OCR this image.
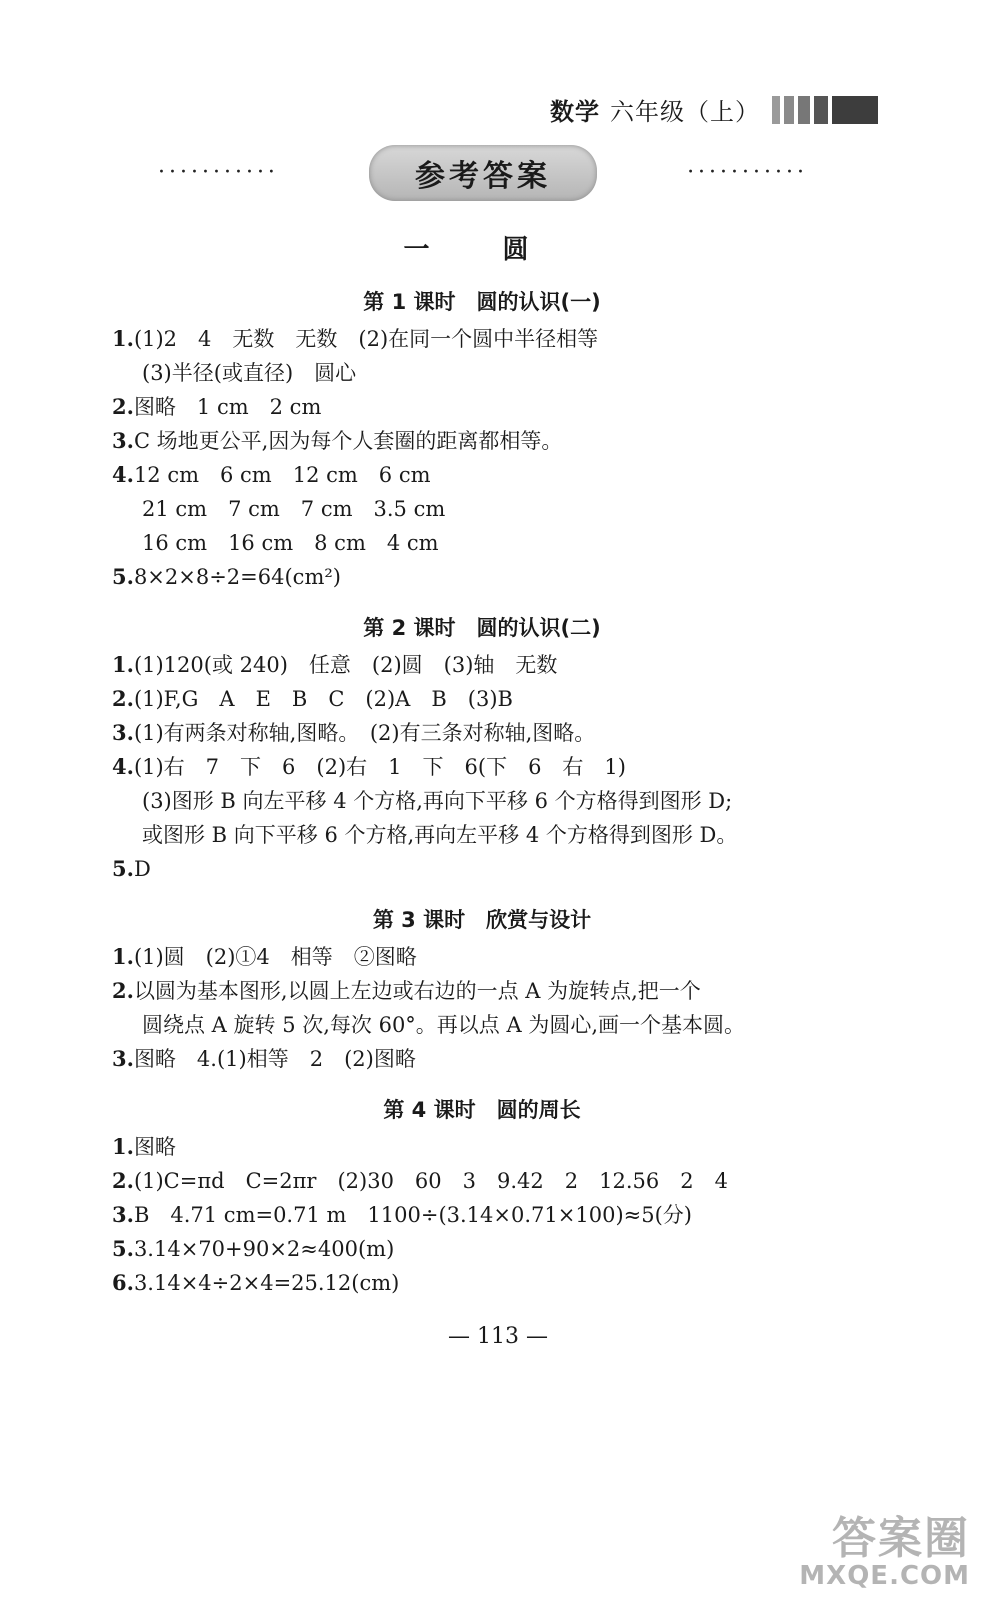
数学 六年级（上）
···········	参考答案	···········
一 圆
第 1 课时　圆的认识(一)
1.(1)2　4　无数　无数　(2)在同一个圆中半径相等
(3)半径(或直径)　圆心
2.图略　1 cm　2 cm
3.C 场地更公平,因为每个人套圈的距离都相等。
4.12 cm　6 cm　12 cm　6 cm
21 cm　7 cm　7 cm　3.5 cm
16 cm　16 cm　8 cm　4 cm
5.8×2×8÷2=64(cm²)
第 2 课时　圆的认识(二)
1.(1)120(或 240)　任意　(2)圆　(3)轴　无数
2.(1)F,G　A　E　B　C　(2)A　B　(3)B
3.(1)有两条对称轴,图略。　(2)有三条对称轴,图略。
4.(1)右　7　下　6　(2)右　1　下　6(下　6　右　1)
(3)图形 B 向左平移 4 个方格,再向下平移 6 个方格得到图形 D;
或图形 B 向下平移 6 个方格,再向左平移 4 个方格得到图形 D。
5.D
第 3 课时　欣赏与设计
1.(1)圆　(2)①4　相等　②图略
2.以圆为基本图形,以圆上左边或右边的一点 A 为旋转点,把一个
圆绕点 A 旋转 5 次,每次 60°。再以点 A 为圆心,画一个基本圆。
3.图略　4.(1)相等　2　(2)图略
第 4 课时　圆的周长
1.图略
2.(1)C=πd　C=2πr　(2)30　60　3　9.42　2　12.56　2　4
3.B　4.71 cm=0.71 m　1100÷(3.14×0.71×100)≈5(分)
5.3.14×70+90×2≈400(m)
6.3.14×4÷2×4=25.12(cm)
— 113 —
答案圈
MXQE.COM
